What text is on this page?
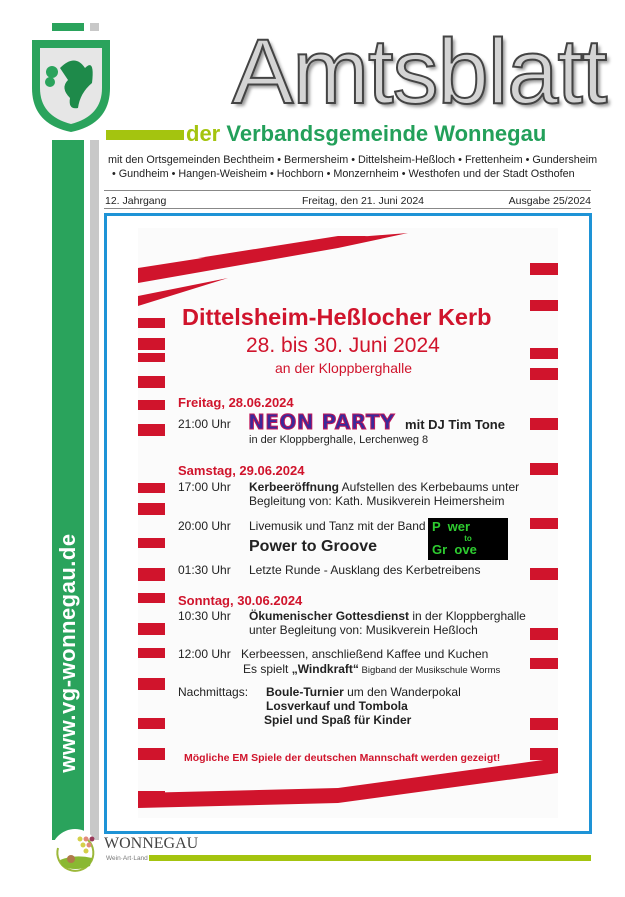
www.vg-wonnegau.de
Amtsblatt
der Verbandsgemeinde Wonnegau
mit den Ortsgemeinden Bechtheim • Bermersheim • Dittelsheim-Heßloch • Frettenheim • Gundersheim
• Gundheim • Hangen-Weisheim • Hochborn • Monzernheim • Westhofen und der Stadt Osthofen
12. Jahrgang	Freitag, den 21. Juni 2024	Ausgabe 25/2024
Dittelsheim-Heßlocher Kerb
28. bis 30. Juni 2024
an der Kloppberghalle
Freitag, 28.06.2024
21:00 Uhr NEON PARTY mit DJ Tim Tone
in der Kloppberghalle, Lerchenweg 8
Samstag, 29.06.2024
17:00 Uhr Kerbeeröffnung Aufstellen des Kerbebaums unter
Begleitung von: Kath. Musikverein Heimersheim
20:00 Uhr Livemusik und Tanz mit der Band
Power to Groove
P  wer
to
Gr  ove
01:30 Uhr Letzte Runde - Ausklang des Kerbetreibens
Sonntag, 30.06.2024
10:30 Uhr Ökumenischer Gottesdienst in der Kloppberghalle
unter Begleitung von: Musikverein Heßloch
12:00 Uhr Kerbeessen, anschließend Kaffee und Kuchen
Es spielt „Windkraft“ Bigband der Musikschule Worms
Nachmittags: Boule-Turnier um den Wanderpokal
Losverkauf und Tombola
Spiel und Spaß für Kinder
Mögliche EM Spiele der deutschen Mannschaft werden gezeigt!
WONNEGAU
Wein·Art·Land
